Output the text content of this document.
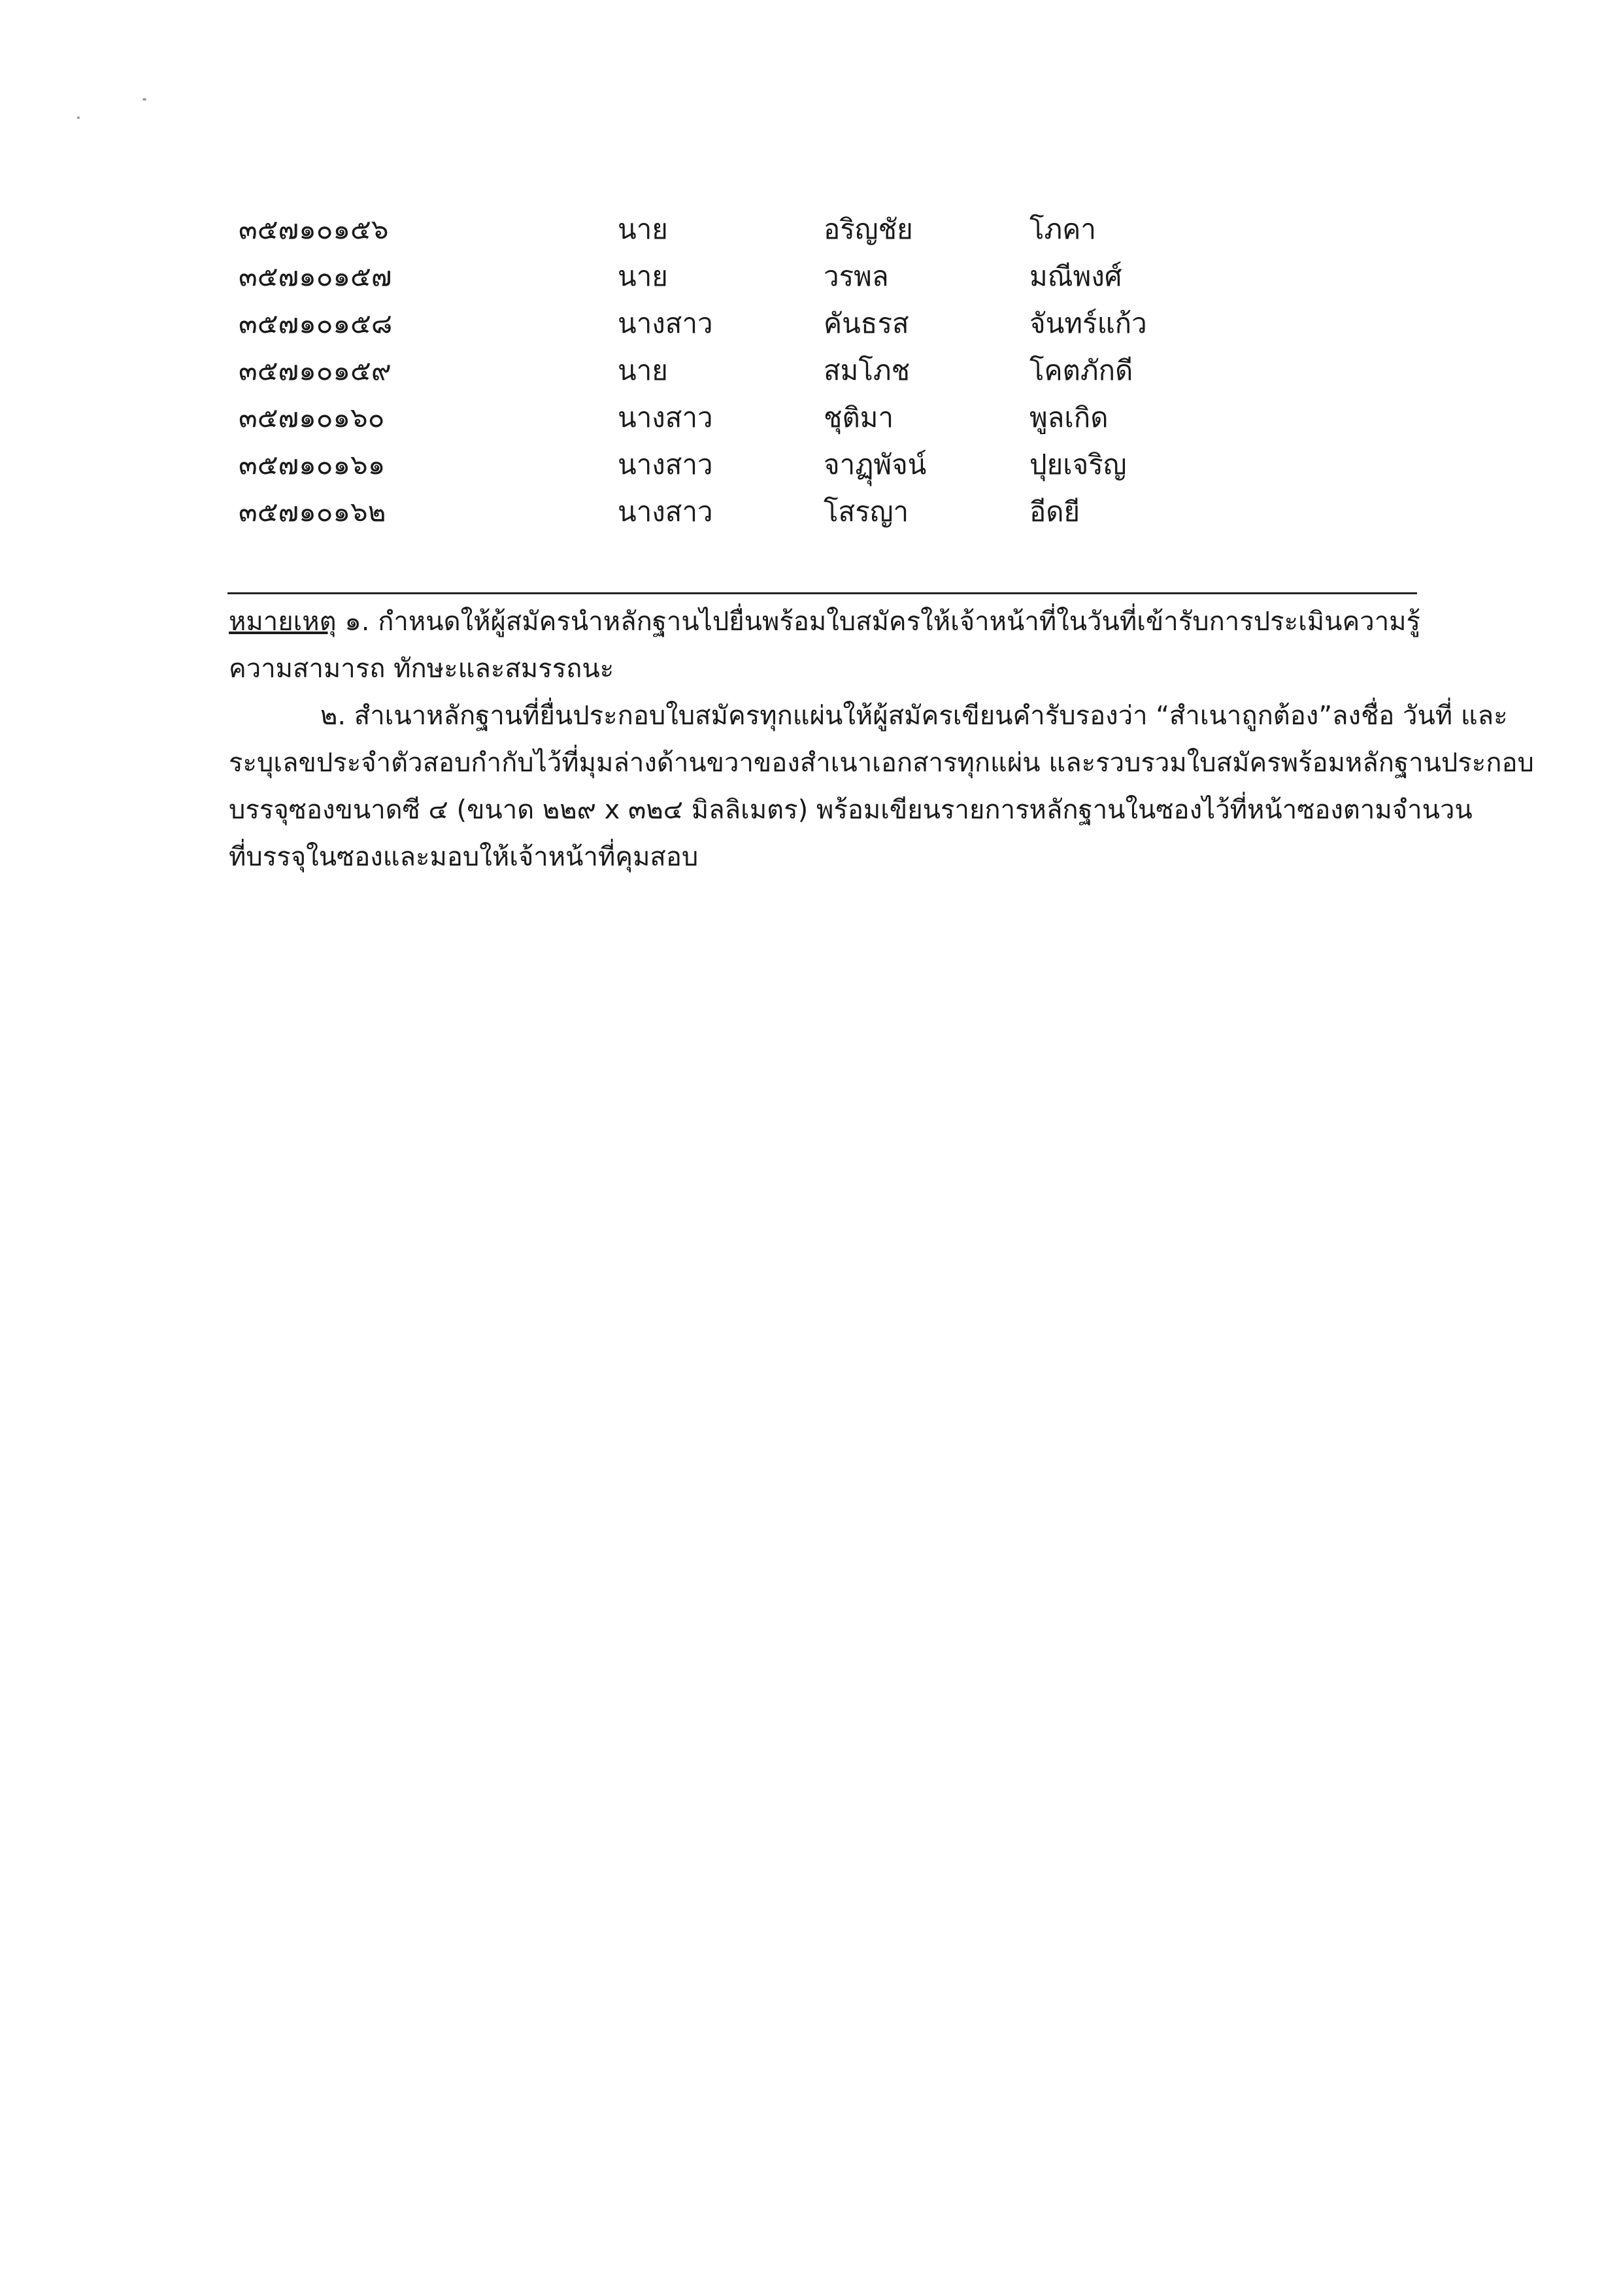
๓๕๗๑๐๑๕๖	นาย	อริญชัย	โภคา
๓๕๗๑๐๑๕๗	นาย	วรพล	มณีพงศ์
๓๕๗๑๐๑๕๘	นางสาว	คันธรส	จันทร์แก้ว
๓๕๗๑๐๑๕๙	นาย	สมโภช	โคตภักดี
๓๕๗๑๐๑๖๐	นางสาว	ชุติมา	พูลเกิด
๓๕๗๑๐๑๖๑	นางสาว	จาฏุพัจน์	ปุยเจริญ
๓๕๗๑๐๑๖๒	นางสาว	โสรญา	อีดยี
หมายเหตุ ๑. กำหนดให้ผู้สมัครนำหลักฐานไปยื่นพร้อมใบสมัครให้เจ้าหน้าที่ในวันที่เข้ารับการประเมินความรู้
ความสามารถ ทักษะและสมรรถนะ
๒. สำเนาหลักฐานที่ยื่นประกอบใบสมัครทุกแผ่นให้ผู้สมัครเขียนคำรับรองว่า “สำเนาถูกต้อง”ลงชื่อ วันที่ และ
ระบุเลขประจำตัวสอบกำกับไว้ที่มุมล่างด้านขวาของสำเนาเอกสารทุกแผ่น และรวบรวมใบสมัครพร้อมหลักฐานประกอบ
บรรจุซองขนาดซี ๔ (ขนาด ๒๒๙ x ๓๒๔ มิลลิเมตร) พร้อมเขียนรายการหลักฐานในซองไว้ที่หน้าซองตามจำนวน
ที่บรรจุในซองและมอบให้เจ้าหน้าที่คุมสอบ
